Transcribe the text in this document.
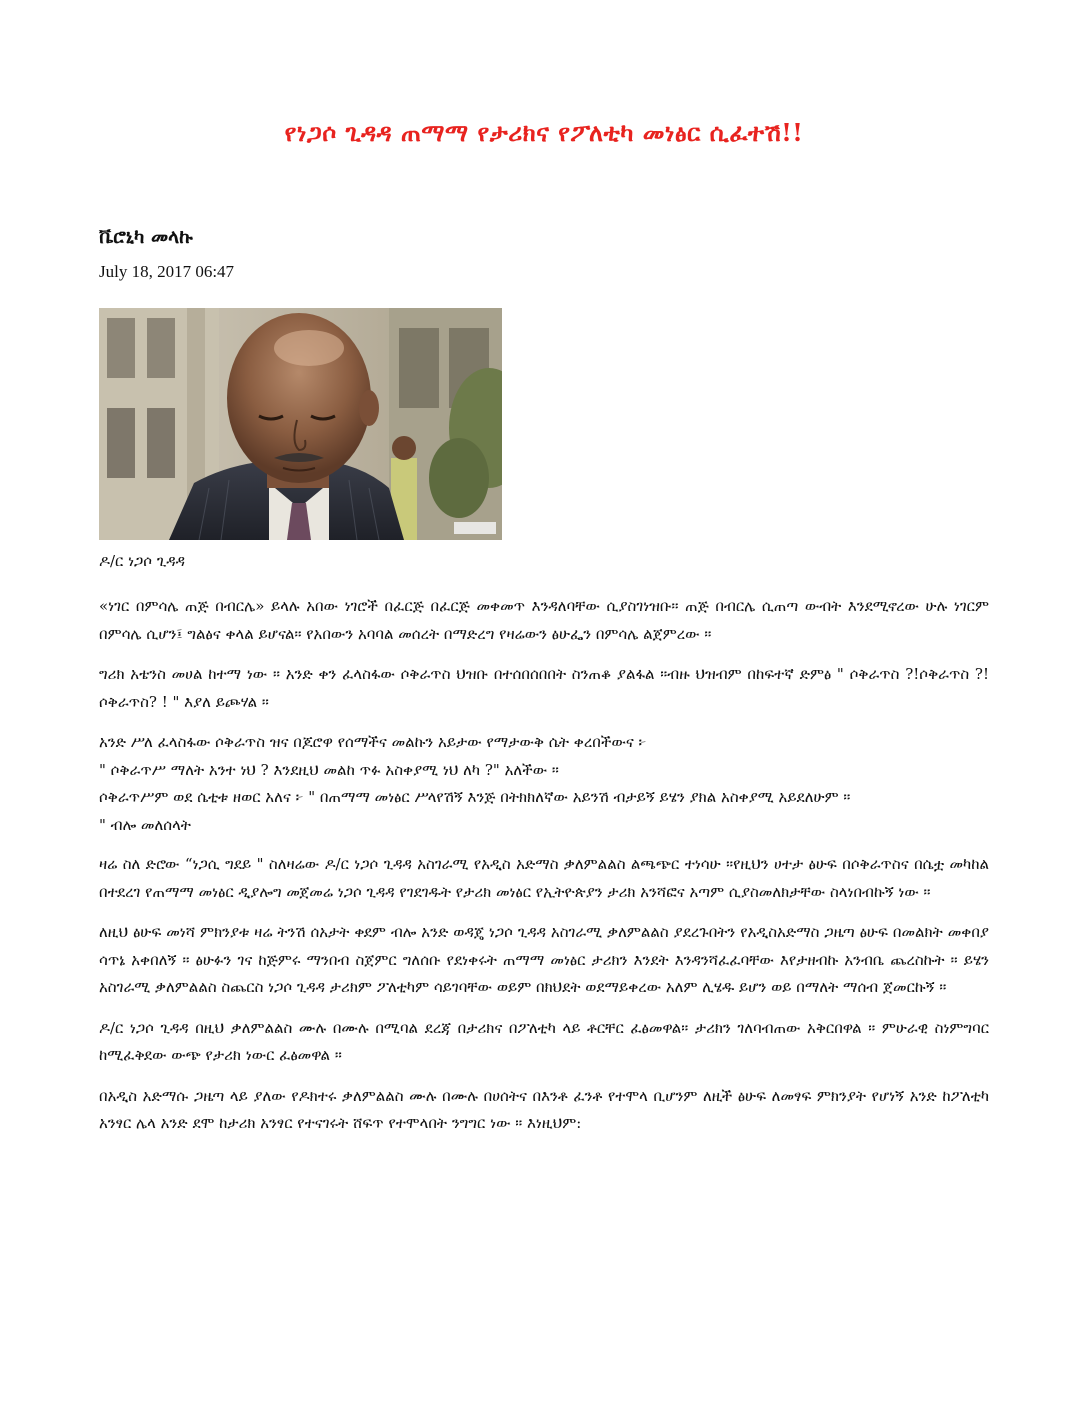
የነጋሶ ጊዳዳ ጠማማ የታሪክና የፖለቲካ መነፅር ሲፈተሽ!!
ቬሮኒካ መላኩ
July 18, 2017 06:47
ዶ/ር ነጋሶ ጊዳዳ

«ነገር በምሳሌ ጠጅ በብርሌ» ይላሉ አበው ነገሮች በፈርጅ በፈርጅ መቀመጥ እንዳለባቸው ሲያስገነዝቡ። ጠጅ በብርሌ ሲጠጣ ውብት እንደሚኖረው ሁሉ ነገርም በምሳሌ ሲሆን፤ ግልፅና ቀላል ይሆናል። የአበውን አባባል መሰረት በማድረግ የዛሬውን ፅሁፌን በምሳሌ ልጀምረው ።

ግሪክ አቴንስ መሀል ከተማ ነው ። አንድ ቀን ፈላስፋው ሶቅራጥስ ህዝቡ በተሰበሰበበት ስንጠቆ ያልፋል ።ብዙ ህዝብም በከፍተኛ ድምፅ " ሶቅራጥስ ?!ሶቅራጥስ ?! ሶቅራጥስ? ! " እያለ ይጮሃል ።

አንድ ሥለ ፈላስፋው ሶቅራጥስ ዝና በጆሮዋ የሰማችና መልኩን አይታው የማታውቅ ሴት ቀረበችውና ፦

" ሶቅራጥሥ ማለት አንተ ነህ ? እንደዚህ መልከ ጥፉ አስቀያሚ ነህ ለካ ?" አለችው ።

ሶቅራጥሥም ወደ ሴቲቱ ዘወር አለና ፦ " በጠማማ መነፅር ሥላየሽኝ እንጅ በትክክለኛው አይንሽ ብታይኝ ይሄን ያክል አስቀያሚ አይደለሁም ።

" ብሎ መለሰላት

ዛሬ ስለ ድሮው “ነጋሲ ግደይ " ስለዛሬው ዶ/ር ነጋሶ ጊዳዳ አስገራሚ የአዲስ አድማስ ቃለምልልስ ልጫጭር ተነሳሁ ።የዚህን ሀተታ ፅሁፍ በሶቅራጥስና በሴቷ መካከል በተደረገ የጠማማ መነፅር ዲያሎግ መጀመሬ ነጋሶ ጊዳዳ የገደገዱት የታሪክ መነፅር የኢትዮጵያን ታሪክ አንሻፎና አጣም ሲያስመለክታቸው ስላነበብኩኝ ነው ።

ለዚህ ፅሁፍ መነሻ ምክንያቱ ዛሬ ትንሽ ሰአታት ቀደም ብሎ አንድ ወዳጄ ነጋሶ ጊዳዳ አስገራሚ ቃለምልልስ ያደረጉበትን የአዲስአድማስ ጋዜጣ ፅሁፍ በመልክት መቀበያ ሳጥኔ አቀበለኝ ። ፅሁፉን ገና ከጅምሩ ማንበብ ስጀምር ግለሰቡ የደነቀሩት ጠማማ መነፅር ታሪክን እንደት እንዳንሻፈፈባቸው እየታዘብኩ አንብቤ ጨረስኩት ። ይሄን አስገራሚ ቃለምልልስ ስጨርስ ነጋሶ ጊዳዳ ታሪክም ፖለቲካም ሳይገባቸው ወይም በክህደት ወደማይቀረው አለም ሊሄዱ ይሆን ወይ በማለት ማሰብ ጀመርኩኝ ።

ዶ/ር ነጋሶ ጊዳዳ በዚህ ቃለምልልስ ሙሉ በሙሉ በሚባል ደረጃ በታሪክና በፖለቲካ ላይ ቶርቸር ፈፅመዋል። ታሪክን ገለባብጠው አቅርበዋል ። ምሁራዊ ስነምግባር ከሚፈቅደው ውጭ የታሪክ ነውር ፈፅመዋል ።

በአዲስ አድማሱ ጋዜጣ ላይ ያለው የዶክተሩ ቃለምልልስ ሙሉ በሙሉ በሀሰትና በእንቶ ፈንቶ የተሞላ ቢሆንም ለዚች ፅሁፍ ለመፃፍ ምክንያት የሆነኝ አንድ ከፖለቲካ አንፃር ሌላ አንድ ደሞ ከታሪክ አንፃር የተናገሩት ሸፍጥ የተሞላበት ንግግር ነው ። እነዚህም:
